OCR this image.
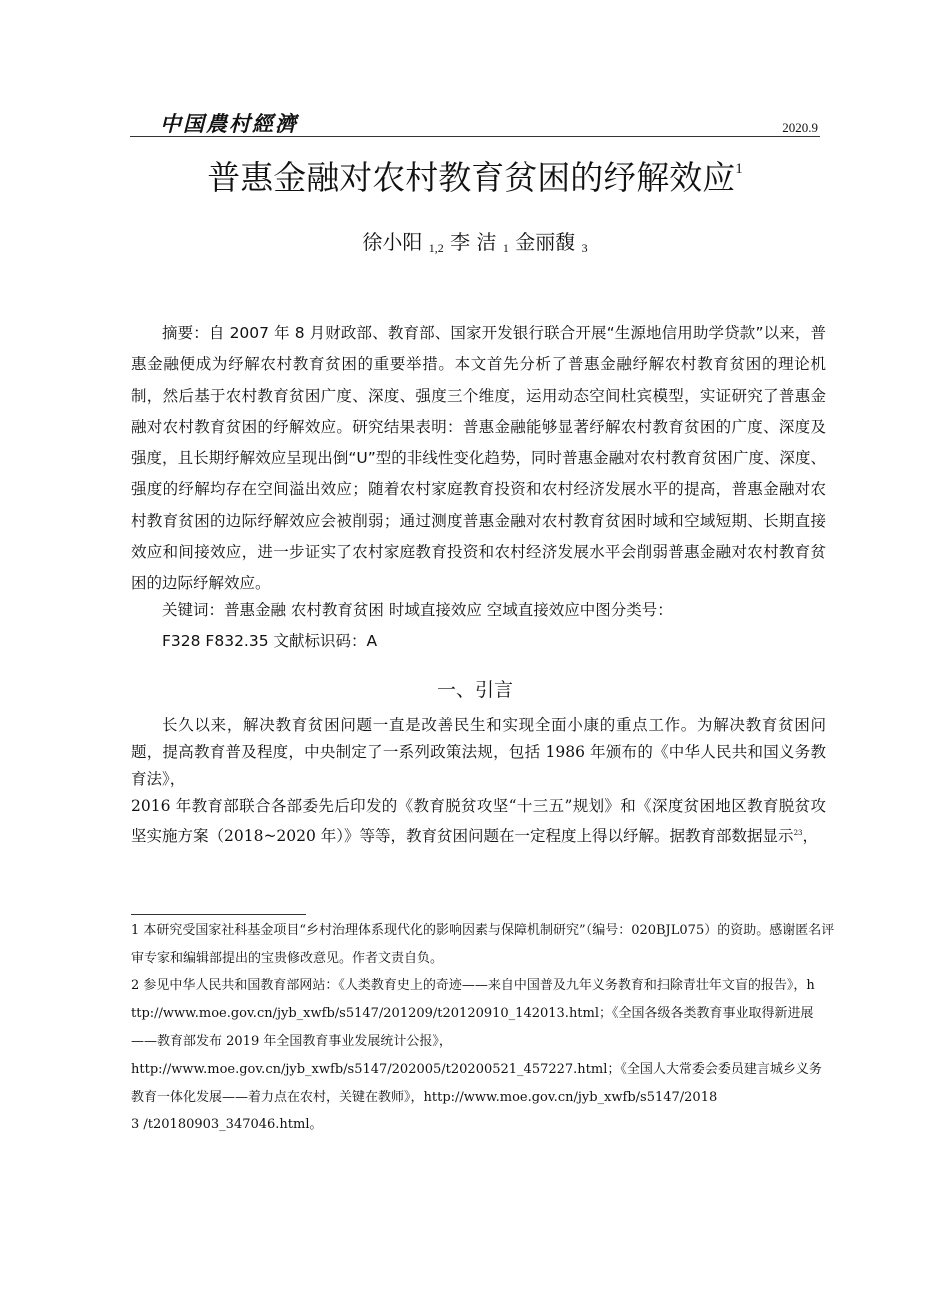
中国農村經濟	2020.9
普惠金融对农村教育贫困的纾解效应$^1$
徐小阳 1,2 李 洁 1 金丽馥 3
摘要：自 2007 年 8 月财政部、教育部、国家开发银行联合开展“生源地信用助学贷款”以来，普惠金融便成为纾解农村教育贫困的重要举措。本文首先分析了普惠金融纾解农村教育贫困的理论机制，然后基于农村教育贫困广度、深度、强度三个维度，运用动态空间杜宾模型，实证研究了普惠金融对农村教育贫困的纾解效应。研究结果表明：普惠金融能够显著纾解农村教育贫困的广度、深度及强度，且长期纾解效应呈现出倒“U”型的非线性变化趋势，同时普惠金融对农村教育贫困广度、深度、强度的纾解均存在空间溢出效应；随着农村家庭教育投资和农村经济发展水平的提高，普惠金融对农村教育贫困的边际纾解效应会被削弱；通过测度普惠金融对农村教育贫困时域和空域短期、长期直接效应和间接效应，进一步证实了农村家庭教育投资和农村经济发展水平会削弱普惠金融对农村教育贫困的边际纾解效应。
关键词：普惠金融 农村教育贫困 时域直接效应 空域直接效应中图分类号：
F328 F832.35 文献标识码：A
一、引言

长久以来，解决教育贫困问题一直是改善民生和实现全面小康的重点工作。为解决教育贫困问题，提高教育普及程度，中央制定了一系列政策法规，包括 1986 年颁布的《中华人民共和国义务教育法》，

2016 年教育部联合各部委先后印发的《教育脱贫攻坚“十三五”规划》和《深度贫困地区教育脱贫攻坚实施方案（2018~2020 年）》等等，教育贫困问题在一定程度上得以纾解。据教育部数据显示$^{23}$，

1 本研究受国家社科基金项目“乡村治理体系现代化的影响因素与保障机制研究”（编号：020BJL075）的资助。感谢匿名评审专家和编辑部提出的宝贵修改意见。作者文责自负。
2 参见中华人民共和国教育部网站：《人类教育史上的奇迹——来自中国普及九年义务教育和扫除青壮年文盲的报告》，h ttp://www.moe.gov.cn/jyb_xwfb/s5147/201209/t20120910_142013.html；《全国各级各类教育事业取得新进展——教育部发布 2019 年全国教育事业发展统计公报》，http://www.moe.gov.cn/jyb_xwfb/s5147/202005/t20200521_457227.html；《全国人大常委会委员建言城乡义务教育一体化发展——着力点在农村，关键在教师》，http://www.moe.gov.cn/jyb_xwfb/s5147/2018
3 /t20180903_347046.html。
